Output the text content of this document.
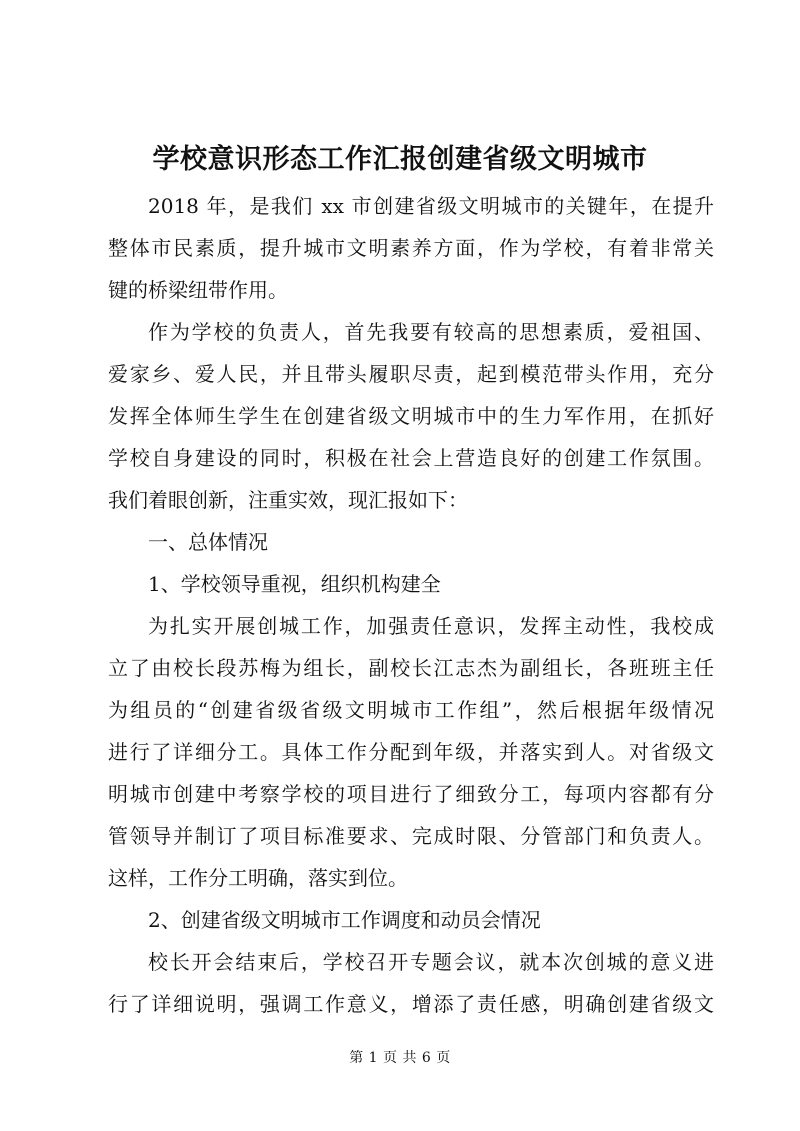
学校意识形态工作汇报创建省级文明城市
2018 年，是我们 xx 市创建省级文明城市的关键年，在提升
整体市民素质，提升城市文明素养方面，作为学校，有着非常关
键的桥梁纽带作用。
作为学校的负责人，首先我要有较高的思想素质，爱祖国、
爱家乡、爱人民，并且带头履职尽责，起到模范带头作用，充分
发挥全体师生学生在创建省级文明城市中的生力军作用，在抓好
学校自身建设的同时，积极在社会上营造良好的创建工作氛围。
我们着眼创新，注重实效，现汇报如下：
一、总体情况
1、学校领导重视，组织机构建全
为扎实开展创城工作，加强责任意识，发挥主动性，我校成
立了由校长段苏梅为组长，副校长江志杰为副组长，各班班主任
为组员的“创建省级省级文明城市工作组”，然后根据年级情况
进行了详细分工。具体工作分配到年级，并落实到人。对省级文
明城市创建中考察学校的项目进行了细致分工，每项内容都有分
管领导并制订了项目标准要求、完成时限、分管部门和负责人。
这样，工作分工明确，落实到位。
2、创建省级文明城市工作调度和动员会情况
校长开会结束后，学校召开专题会议，就本次创城的意义进
行了详细说明，强调工作意义，增添了责任感，明确创建省级文
第 1 页 共 6 页
